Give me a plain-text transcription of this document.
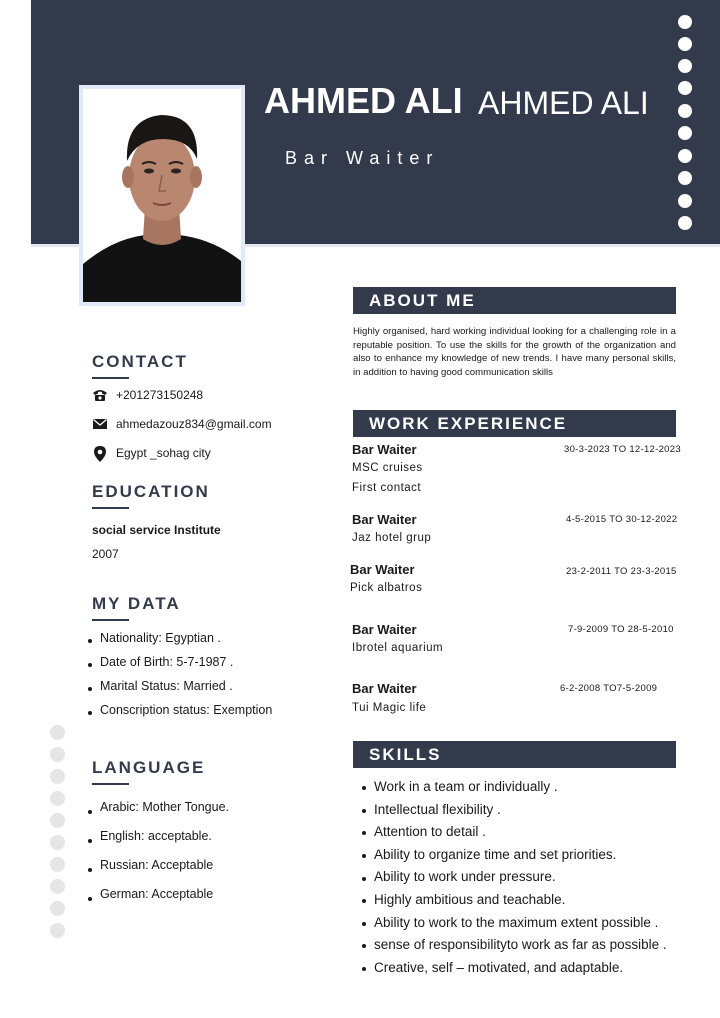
AHMED ALI AHMED ALI
Bar Waiter
CONTACT
+201273150248
ahmedazouz834@gmail.com
Egypt _sohag city
EDUCATION
social service Institute
2007
MY DATA
Nationality: Egyptian .
Date of Birth: 5-7-1987 .
Marital Status: Married .
Conscription status: Exemption
LANGUAGE
Arabic: Mother Tongue.
English: acceptable.
Russian: Acceptable
German: Acceptable
ABOUT ME
Highly organised, hard working individual looking for a challenging role in a reputable position. To use the skills for the growth of the organization and also to enhance my knowledge of new trends. I have many personal skills, in addition to having good communication skills
WORK EXPERIENCE
Bar Waiter	30-3-2023 TO 12-12-2023
MSC cruises
First contact
Bar Waiter	4-5-2015 TO 30-12-2022
Jaz hotel grup
Bar Waiter	23-2-2011 TO 23-3-2015
Pick albatros
Bar Waiter	7-9-2009 TO 28-5-2010
Ibrotel aquarium
Bar Waiter	6-2-2008 TO7-5-2009
Tui Magic life
SKILLS
Work in a team or individually .
Intellectual flexibility .
Attention to detail .
Ability to organize time and set priorities.
Ability to work under pressure.
Highly ambitious and teachable.
Ability to work to the maximum extent possible .
sense of responsibilityto work as far as possible .
Creative, self – motivated, and adaptable.
